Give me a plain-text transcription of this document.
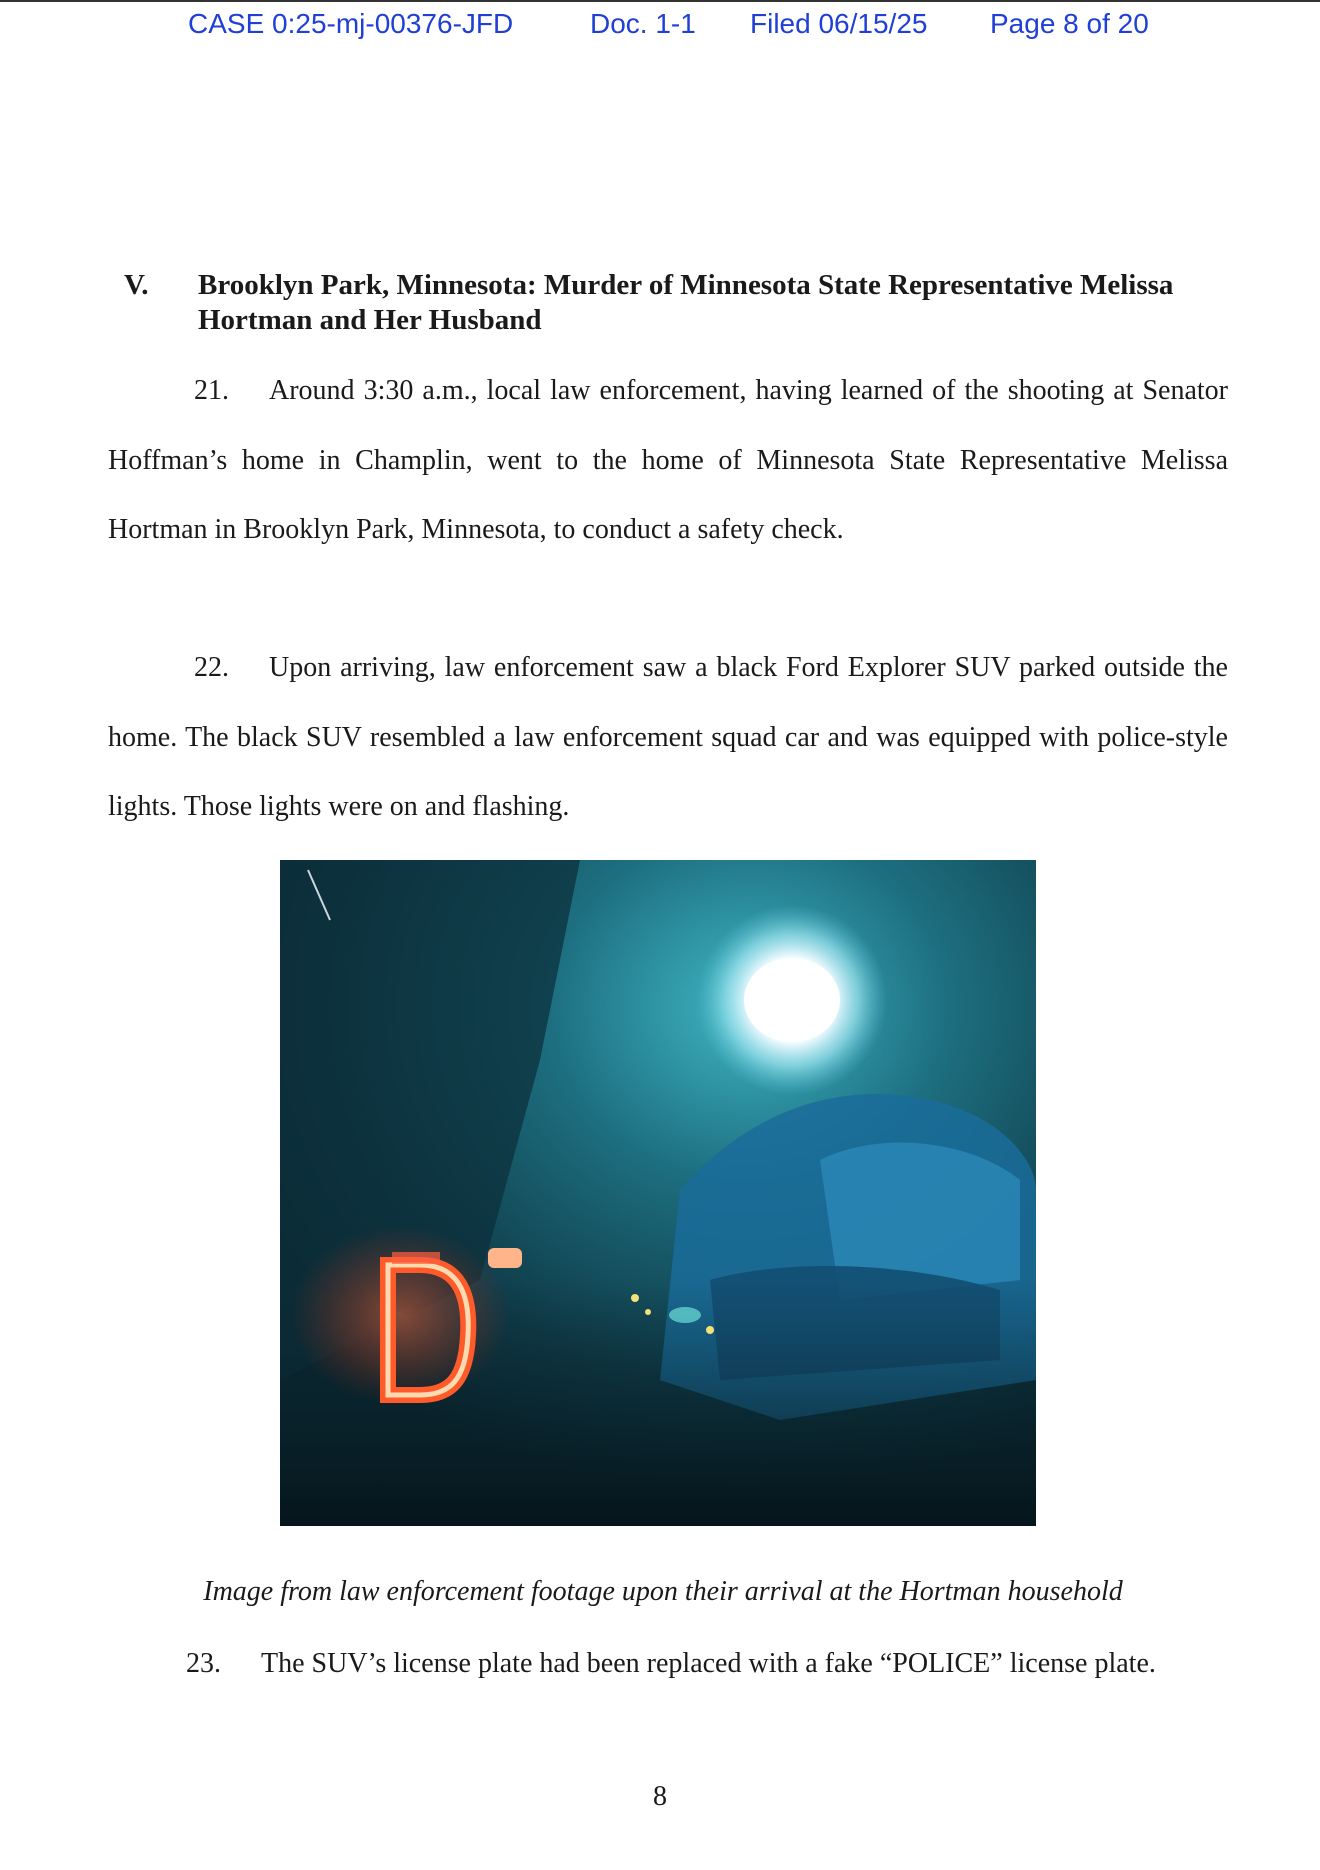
CASE 0:25-mj-00376-JFD	Doc. 1-1 Filed 06/15/25 Page 8 of 20
V. Brooklyn Park, Minnesota: Murder of Minnesota State Representative Melissa Hortman and Her Husband

21. Around 3:30 a.m., local law enforcement, having learned of the shooting at Senator Hoffman’s home in Champlin, went to the home of Minnesota State Representative Melissa Hortman in Brooklyn Park, Minnesota, to conduct a safety check.

22. Upon arriving, law enforcement saw a black Ford Explorer SUV parked outside the home. The black SUV resembled a law enforcement squad car and was equipped with police-style lights. Those lights were on and flashing.

Image from law enforcement footage upon their arrival at the Hortman household

23. The SUV’s license plate had been replaced with a fake “POLICE” license plate.

8
